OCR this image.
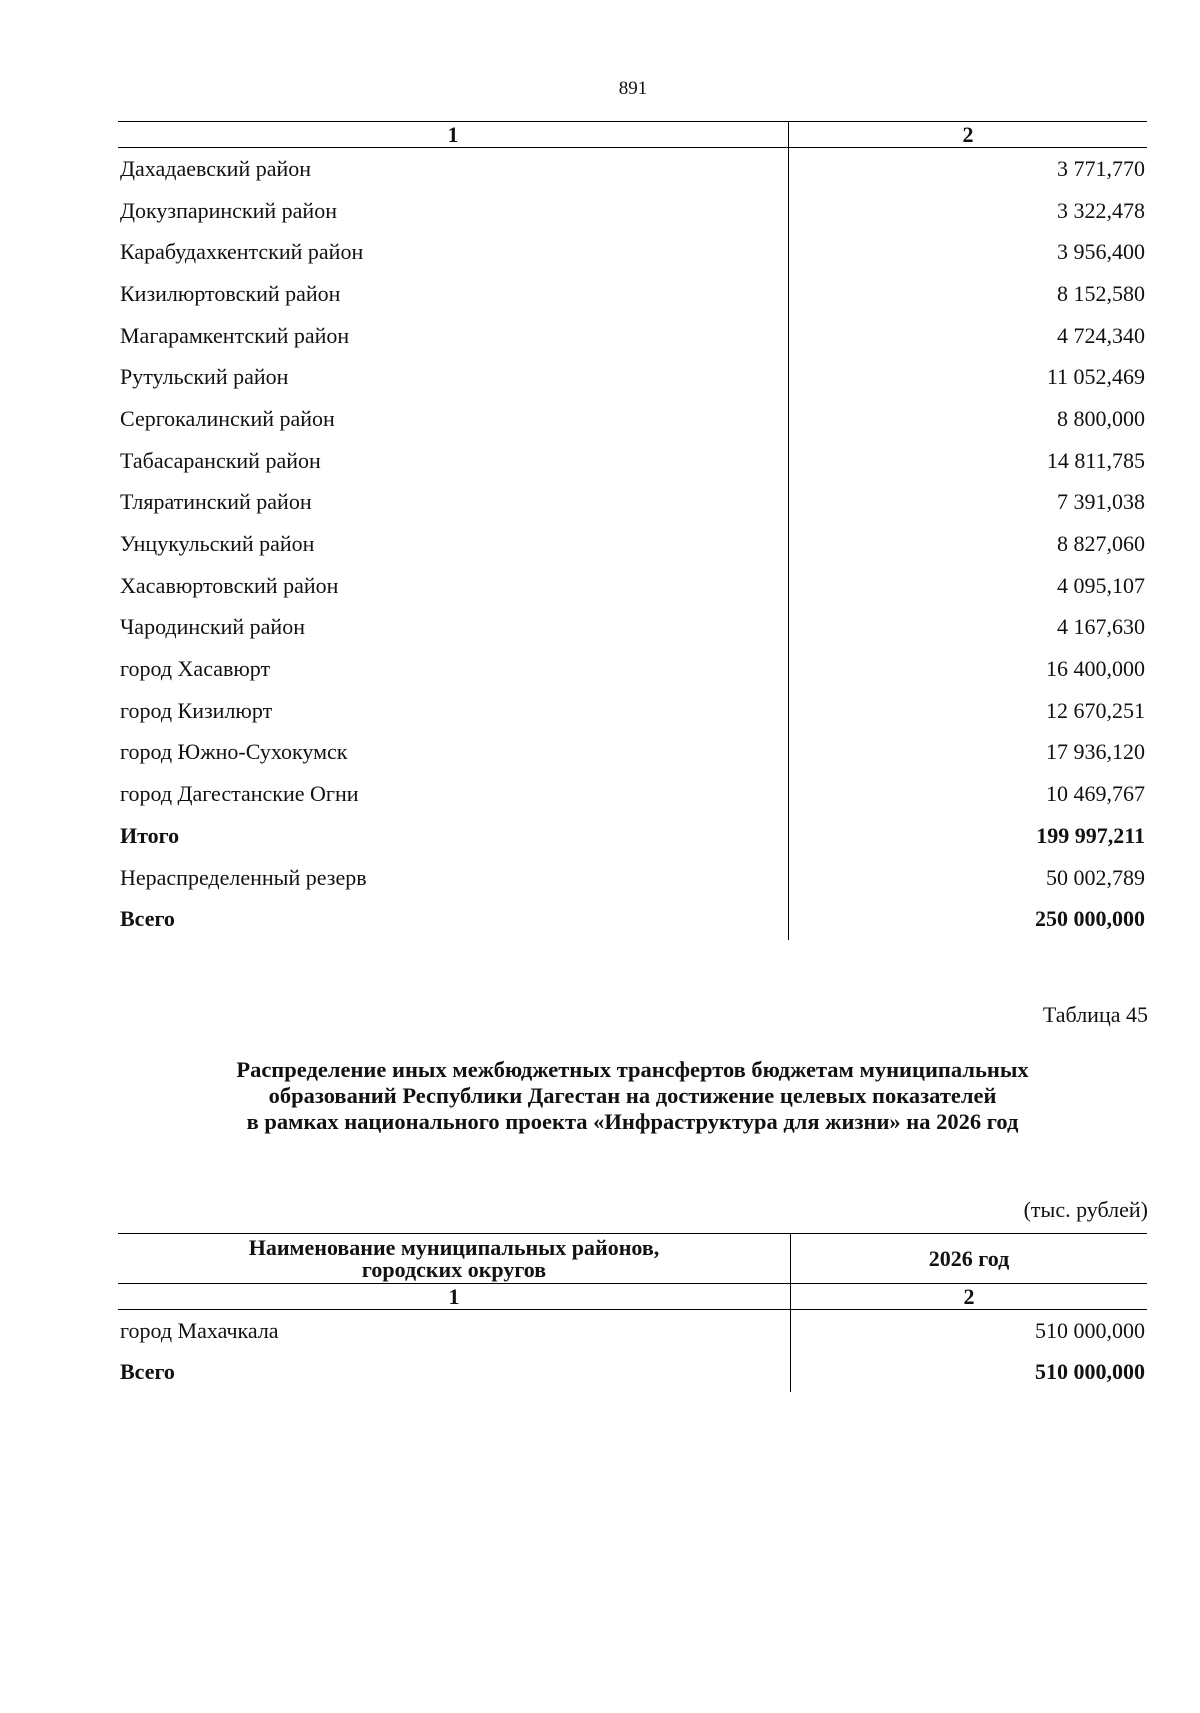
891
1	2
Дахадаевский район	3 771,770
Докузпаринский район	3 322,478
Карабудахкентский район	3 956,400
Кизилюртовский район	8 152,580
Магарамкентский район	4 724,340
Рутульский район	11 052,469
Сергокалинский район	8 800,000
Табасаранский район	14 811,785
Тляратинский район	7 391,038
Унцукульский район	8 827,060
Хасавюртовский район	4 095,107
Чародинский район	4 167,630
город Хасавюрт	16 400,000
город Кизилюрт	12 670,251
город Южно-Сухокумск	17 936,120
город Дагестанские Огни	10 469,767
Итого	199 997,211
Нераспределенный резерв	50 002,789
Всего	250 000,000
Таблица 45
Распределение иных межбюджетных трансфертов бюджетам муниципальных
образований Республики Дагестан на достижение целевых показателей
в рамках национального проекта «Инфраструктура для жизни» на 2026 год
(тыс. рублей)
Наименование муниципальных районов,
городских округов	2026 год
1	2
город Махачкала	510 000,000
Всего	510 000,000
